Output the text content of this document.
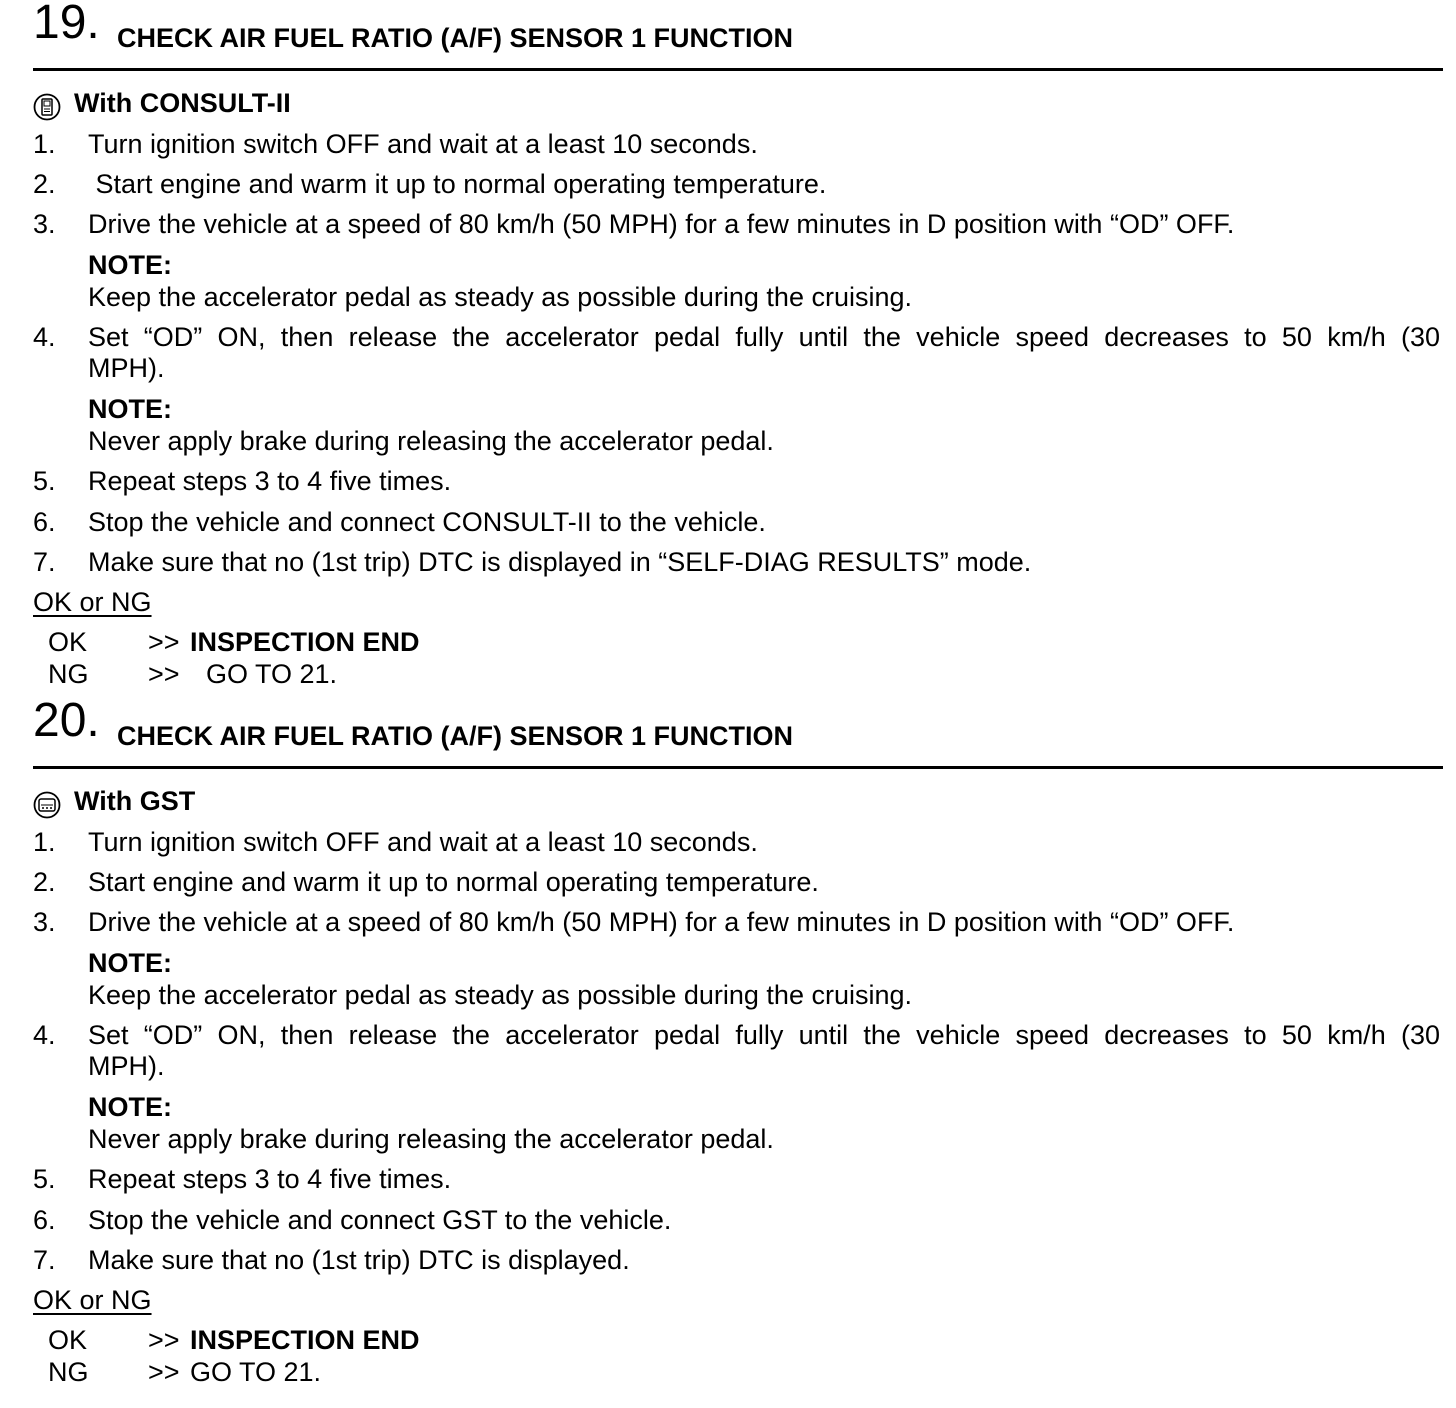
19. CHECK AIR FUEL RATIO (A/F) SENSOR 1 FUNCTION
With CONSULT-II
1. Turn ignition switch OFF and wait at a least 10 seconds.
2. Start engine and warm it up to normal operating temperature.
3. Drive the vehicle at a speed of 80 km/h (50 MPH) for a few minutes in D position with “OD” OFF.
NOTE:
Keep the accelerator pedal as steady as possible during the cruising.
4. Set “OD” ON, then release the accelerator pedal fully until the vehicle speed decreases to 50 km/h (30
MPH).
NOTE:
Never apply brake during releasing the accelerator pedal.
5. Repeat steps 3 to 4 five times.
6. Stop the vehicle and connect CONSULT-II to the vehicle.
7. Make sure that no (1st trip) DTC is displayed in “SELF-DIAG RESULTS” mode.
OK or NG
OK >> INSPECTION END
NG >> GO TO 21.
20. CHECK AIR FUEL RATIO (A/F) SENSOR 1 FUNCTION
With GST
1. Turn ignition switch OFF and wait at a least 10 seconds.
2. Start engine and warm it up to normal operating temperature.
3. Drive the vehicle at a speed of 80 km/h (50 MPH) for a few minutes in D position with “OD” OFF.
NOTE:
Keep the accelerator pedal as steady as possible during the cruising.
4. Set “OD” ON, then release the accelerator pedal fully until the vehicle speed decreases to 50 km/h (30
MPH).
NOTE:
Never apply brake during releasing the accelerator pedal.
5. Repeat steps 3 to 4 five times.
6. Stop the vehicle and connect GST to the vehicle.
7. Make sure that no (1st trip) DTC is displayed.
OK or NG
OK >> INSPECTION END
NG >> GO TO 21.
